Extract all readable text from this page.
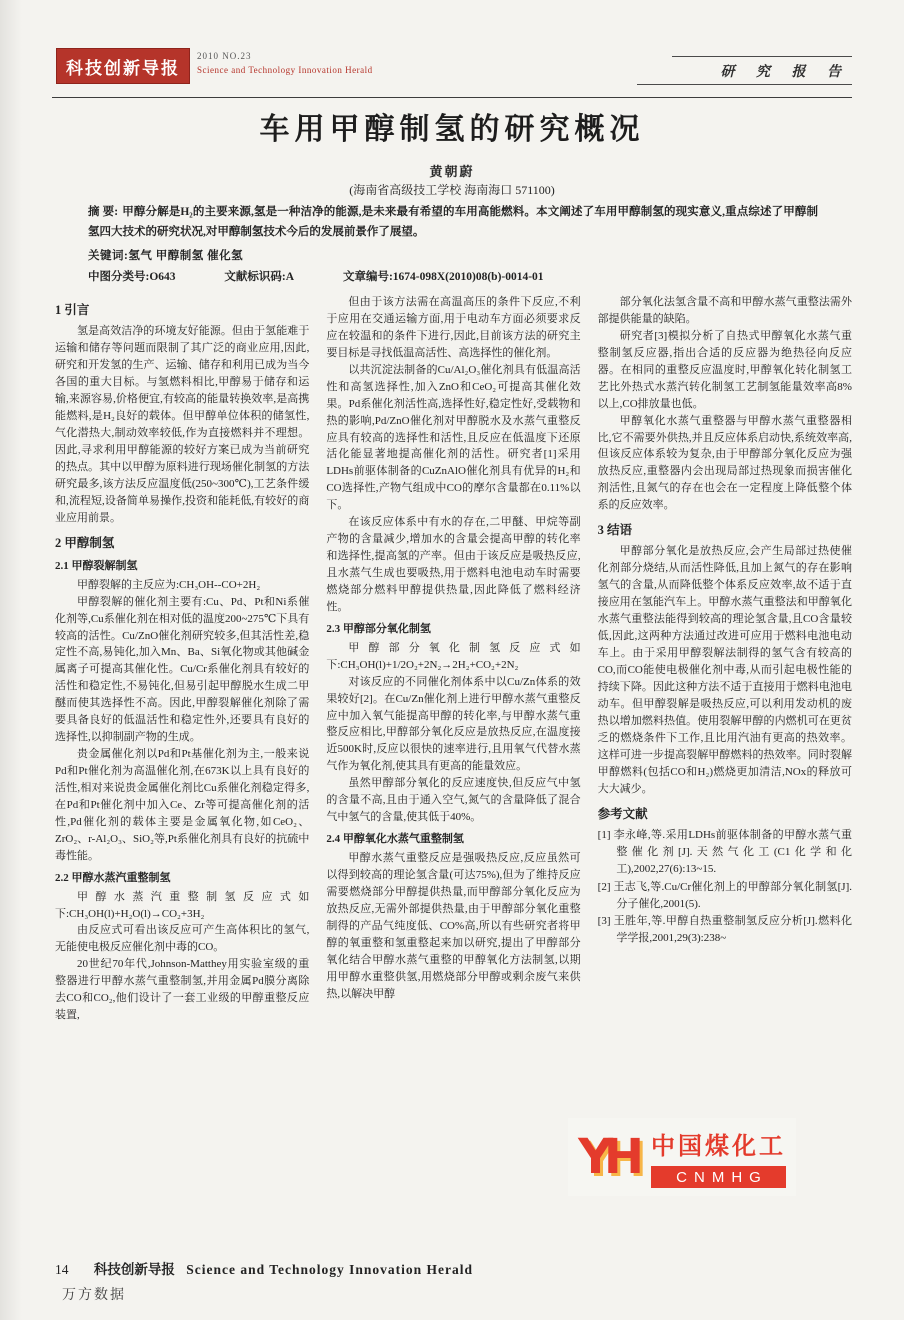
科技创新导报
2010 NO.23
Science and Technology Innovation Herald	研 究 报 告
车用甲醇制氢的研究概况
黄朝蔚
(海南省高级技工学校 海南海口 571100)

摘 要: 甲醇分解是H₂的主要来源,氢是一种洁净的能源,是未来最有希望的车用高能燃料。本文阐述了车用甲醇制氢的现实意义,重点综述了甲醇制氢四大技术的研究状况,对甲醇制氢技术今后的发展前景作了展望。

关键词:氢气 甲醇制氢 催化氢

中图分类号:O643	文献标识码:A	文章编号:1674-098X(2010)08(b)-0014-01

1 引言
氢是高效洁净的环境友好能源。但由于氢能难于运输和储存等问题而限制了其广泛的商业应用,因此,研究和开发氢的生产、运输、储存和利用已成为当今各国的重大目标。与氢燃料相比,甲醇易于储存和运输,来源容易,价格便宜,有较高的能量转换效率,是高携能燃料,是H₂良好的载体。但甲醇单位体积的储氢性,气化潜热大,制动效率较低,作为直接燃料并不理想。因此,寻求利用甲醇能源的较好方案已成为当前研究的热点。其中以甲醇为原料进行现场催化制氢的方法研究最多,该方法反应温度低(250~300℃),工艺条件缓和,流程短,设备简单易操作,投资和能耗低,有较好的商业应用前景。
2 甲醇制氢
2.1 甲醇裂解制氢
甲醇裂解的主反应为:CH₃OH--CO+2H₂
甲醇裂解的催化剂主要有:Cu、Pd、Pt和Ni系催化剂等,Cu系催化剂在相对低的温度200~275℃下具有较高的活性。Cu/ZnO催化剂研究较多,但其活性差,稳定性不高,易钝化,加入Mn、Ba、Si氧化物或其他碱金属离子可提高其催化性。Cu/Cr系催化剂具有较好的活性和稳定性,不易钝化,但易引起甲醇脱水生成二甲醚而使其选择性不高。因此,甲醇裂解催化剂除了需要具备良好的低温活性和稳定性外,还要具有良好的选择性,以抑制副产物的生成。
贵金属催化剂以Pd和Pt基催化剂为主,一般来说Pd和Pt催化剂为高温催化剂,在673K以上具有良好的活性,相对来说贵金属催化剂比Cu系催化剂稳定得多,在Pd和Pt催化剂中加入Ce、Zr等可提高催化剂的活性,Pd催化剂的载体主要是金属氧化物,如CeO₂、ZrO₂、r-Al₂O₃、SiO₂等,Pt系催化剂具有良好的抗硫中毒性能。
2.2 甲醇水蒸汽重整制氢
甲醇水蒸汽重整制氢反应式如下:CH₃OH(l)+H₂O(l)→CO₂+3H₂
由反应式可看出该反应可产生高体积比的氢气,无能使电极反应催化剂中毒的CO。
20世纪70年代,Johnson-Matthey用实验室级的重整器进行甲醇水蒸气重整制氢,并用金属Pd膜分离除去CO和CO₂,他们设计了一套工业级的甲醇重整反应装置,
但由于该方法需在高温高压的条件下反应,不利于应用在交通运输方面,用于电动车方面必须要求反应在较温和的条件下进行,因此,目前该方法的研究主要目标是寻找低温高活性、高选择性的催化剂。
以共沉淀法制备的Cu/Al₂O₃催化剂具有低温高活性和高氢选择性,加入ZnO和CeO₂可提高其催化效果。Pd系催化剂活性高,选择性好,稳定性好,受载物和热的影响,Pd/ZnO催化剂对甲醇脱水及水蒸气重整反应具有较高的选择性和活性,且反应在低温度下还原活化能显著地提高催化剂的活性。研究者[1]采用LDHs前驱体制备的CuZnAlO催化剂具有优异的H₂和CO选择性,产物气组成中CO的摩尔含量都在0.11%以下。
在该反应体系中有水的存在,二甲醚、甲烷等副产物的含量减少,增加水的含量会提高甲醇的转化率和选择性,提高氢的产率。但由于该反应是吸热反应,且水蒸气生成也要吸热,用于燃料电池电动车时需要燃烧部分燃料甲醇提供热量,因此降低了燃料经济性。
2.3 甲醇部分氧化制氢
甲醇部分氧化制氢反应式如下:CH₃OH(l)+1/2O₂+2N₂→2H₂+CO₂+2N₂
对该反应的不同催化剂体系中以Cu/Zn体系的效果较好[2]。在Cu/Zn催化剂上进行甲醇水蒸气重整反应中加入氧气能提高甲醇的转化率,与甲醇水蒸气重整反应相比,甲醇部分氧化反应是放热反应,在温度接近500K时,反应以很快的速率进行,且用氧气代替水蒸气作为氧化剂,使其具有更高的能量效应。
虽然甲醇部分氧化的反应速度快,但反应气中氢的含量不高,且由于通入空气,氮气的含量降低了混合气中氢气的含量,使其低于40%。
2.4 甲醇氧化水蒸气重整制氢
甲醇水蒸气重整反应是强吸热反应,反应虽然可以得到较高的理论氢含量(可达75%),但为了维持反应需要燃烧部分甲醇提供热量,而甲醇部分氧化反应为放热反应,无需外部提供热量,由于甲醇部分氧化重整制得的产品气纯度低、CO%高,所以有些研究者将甲醇的氧重整和氢重整起来加以研究,提出了甲醇部分氧化结合甲醇水蒸气重整的甲醇氧化方法制氢,以期用甲醇水重整供氢,用燃烧部分甲醇或剩余废气来供热,以解决甲醇
部分氧化法氢含量不高和甲醇水蒸气重整法需外部提供能量的缺陷。
研究者[3]模拟分析了自热式甲醇氧化水蒸气重整制氢反应器,指出合适的反应器为绝热径向反应器。在相同的重整反应温度时,甲醇氧化转化制氢工艺比外热式水蒸汽转化制氢工艺制氢能量效率高8%以上,CO排放量也低。
甲醇氧化水蒸气重整器与甲醇水蒸气重整器相比,它不需要外供热,并且反应体系启动快,系统效率高,但该反应体系较为复杂,由于甲醇部分氧化反应为强放热反应,重整器内会出现局部过热现象而损害催化剂活性,且氮气的存在也会在一定程度上降低整个体系的反应效率。
3 结语
甲醇部分氧化是放热反应,会产生局部过热使催化剂部分烧结,从而活性降低,且加上氮气的存在影响氢气的含量,从而降低整个体系反应效率,故不适于直接应用在氢能汽车上。甲醇水蒸气重整法和甲醇氧化水蒸气重整法能得到较高的理论氢含量,且CO含量较低,因此,这两种方法通过改进可应用于燃料电池电动车上。由于采用甲醇裂解法制得的氢气含有较高的CO,而CO能使电极催化剂中毒,从而引起电极性能的持续下降。因此这种方法不适于直接用于燃料电池电动车。但甲醇裂解是吸热反应,可以利用发动机的废热以增加燃料热值。使用裂解甲醇的内燃机可在更贫乏的燃烧条件下工作,且比用汽油有更高的热效率。这样可进一步提高裂解甲醇燃料的热效率。同时裂解甲醇燃料(包括CO和H₂)燃烧更加清洁,NOx的释放可大大减少。
参考文献
[1] 李永峰,等.采用LDHs前驱体制备的甲醇水蒸气重整催化剂[J].天然气化工(C1化学和化工),2002,27(6):13~15.
[2] 王志飞,等.Cu/Cr催化剂上的甲醇部分氧化制氢[J].分子催化,2001(5).
[3] 王胜年,等.甲醇自热重整制氢反应分析[J].燃料化学学报,2001,29(3):238~
YH 中国煤化工
CNMHG
14 科技创新导报 Science and Technology Innovation Herald
万方数据
